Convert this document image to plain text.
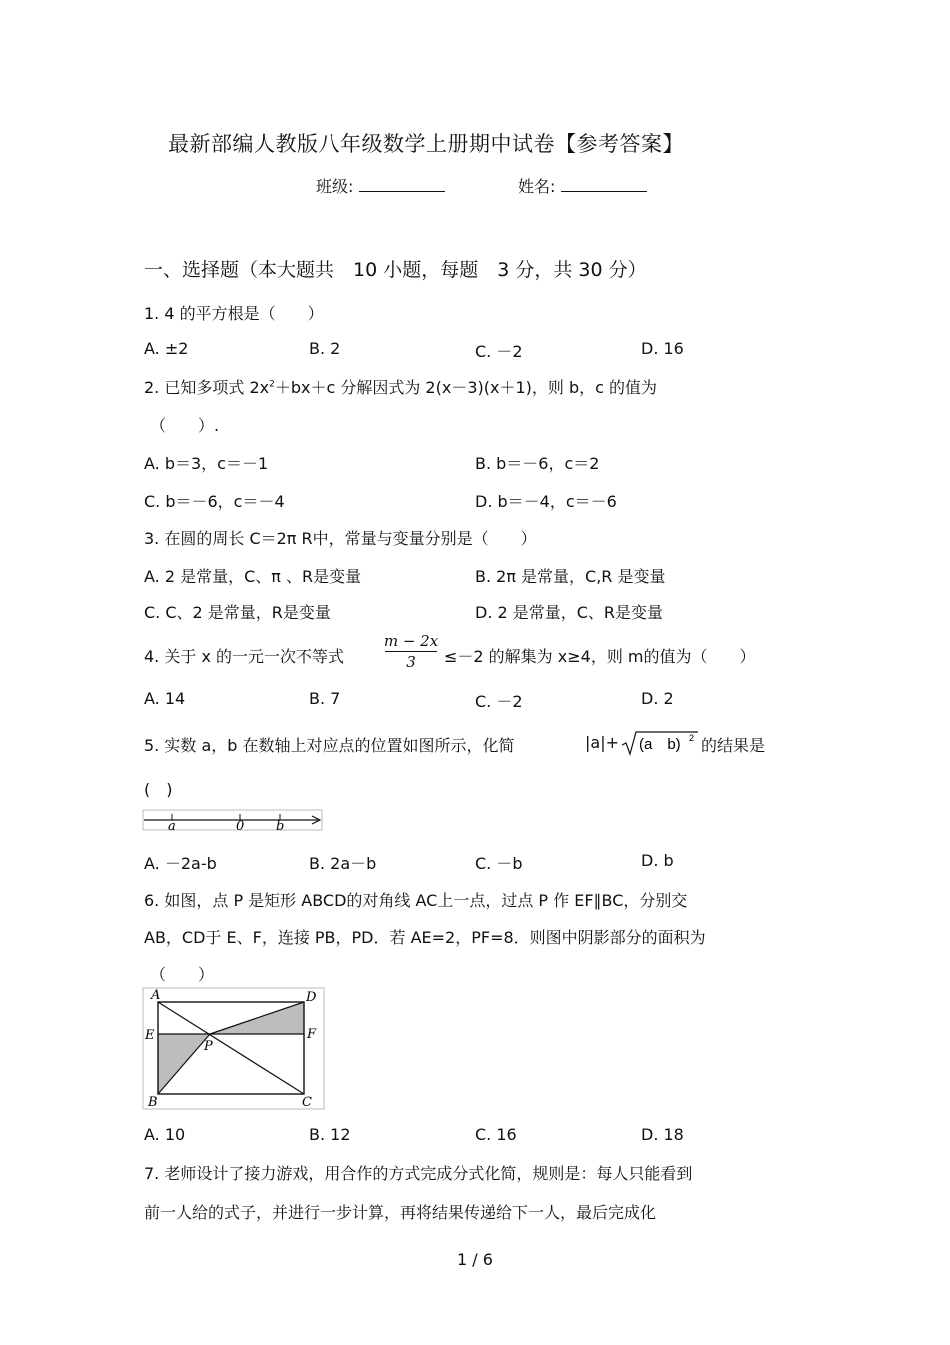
最新部编人教版八年级数学上册期中试卷【参考答案】
班级:	姓名:
一、选择题（本大题共　10 小题，每题　3 分，共 30 分）
1. 4 的平方根是（　　）
A. ±2	B. 2	C. －2	D. 16
2. 已知多项式 $2x^2+bx+c$ 分解因式为 2(x－3)(x＋1)，则 b，c 的值为
（　　）.
A. b＝3，c＝－1	B. b＝－6，c＝2
C. b＝－6，c＝－4	D. b＝－4，c＝－6
3. 在圆的周长 C＝2π R中，常量与变量分别是（　　）
A. 2 是常量，C、π 、R是变量	B. 2π 是常量，C,R 是变量
C. C、2 是常量，R是变量	D. 2 是常量，C、R是变量
4. 关于 x 的一元一次不等式
m − 2x
3	≤－2 的解集为 x≥4，则 m的值为（　　）
A. 14	B. 7	C. －2	D. 2
5. 实数 a，b 在数轴上对应点的位置如图所示，化简	|a|+ (a　b) 2 的结果是
(　)
a	0 b
A. －2a-b	B. 2a－b	C. －b	D. b
6. 如图，点 P 是矩形 ABCD的对角线 AC上一点，过点 P 作 EF∥BC，分别交
AB，CD于 E、F，连接 PB，PD．若 AE=2，PF=8．则图中阴影部分的面积为
（　　）
A	D
E	F
P
B	C
A. 10	B. 12	C. 16	D. 18
7. 老师设计了接力游戏，用合作的方式完成分式化简，规则是：每人只能看到
前一人给的式子，并进行一步计算，再将结果传递给下一人，最后完成化
1 / 6
